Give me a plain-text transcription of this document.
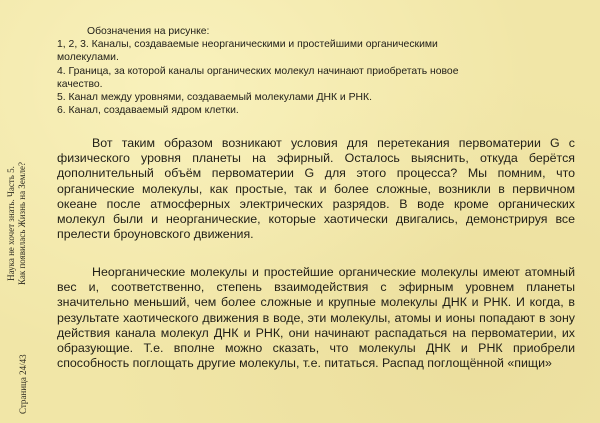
Страница 24/43
Наука не хочет знать. Часть 5. Как появилась Жизнь на Земле?
Обозначения на рисунке:
1, 2, 3. Каналы, создаваемые неорганическими и простейшими органическими
молекулами.
4. Граница, за которой каналы органических молекул начинают приобретать новое
качество.
5. Канал между уровнями, создаваемый молекулами ДНК и РНК.
6. Канал, создаваемый ядром клетки.

Вот таким образом возникают условия для перетекания первоматерии G с физического уровня планеты на эфирный. Осталось выяснить, откуда берётся дополнительный объём первоматерии G для этого процесса? Мы помним, что органические молекулы, как простые, так и более сложные, возникли в первичном океане после атмосферных электрических разрядов. В воде кроме органических молекул были и неорганические, которые хаотически двигались, демонстрируя все прелести броуновского движения.

Неорганические молекулы и простейшие органические молекулы имеют атомный вес и, соответственно, степень взаимодействия с эфирным уровнем планеты значительно меньший, чем более сложные и крупные молекулы ДНК и РНК. И когда, в результате хаотического движения в воде, эти молекулы, атомы и ионы попадают в зону действия канала молекул ДНК и РНК, они начинают распадаться на первоматерии, их образующие. Т.е. вполне можно сказать, что молекулы ДНК и РНК приобрели способность поглощать другие молекулы, т.е. питаться. Распад поглощённой «пищи»
